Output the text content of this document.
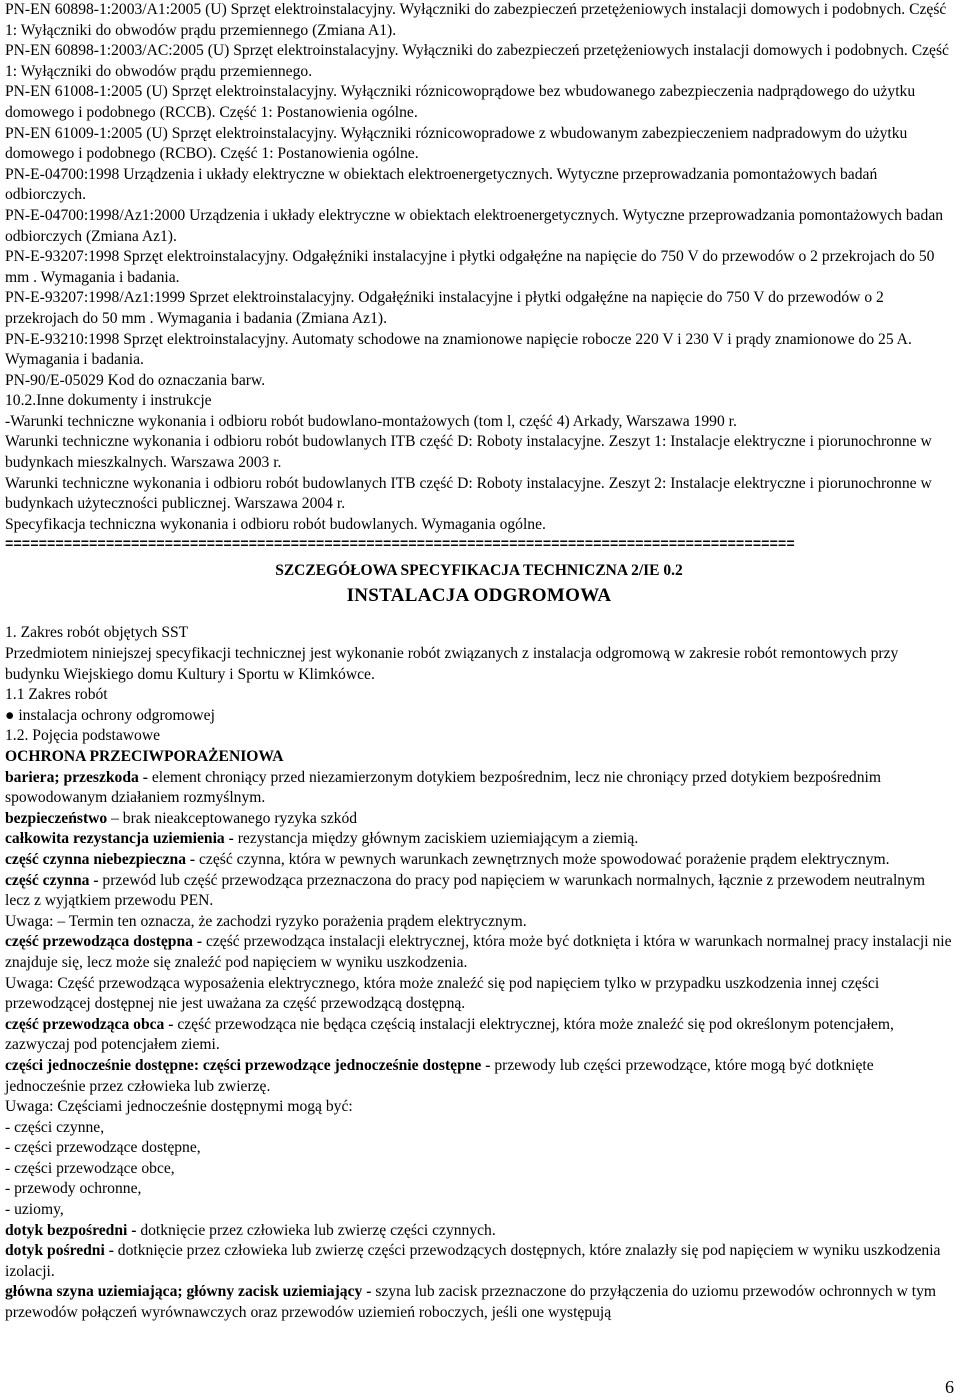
PN-EN 60898-1:2003/A1:2005 (U) Sprzęt elektroinstalacyjny. Wyłączniki do zabezpieczeń przetężeniowych instalacji domowych i podobnych. Część 1: Wyłączniki do obwodów prądu przemiennego (Zmiana A1).

PN-EN 60898-1:2003/AC:2005 (U) Sprzęt elektroinstalacyjny. Wyłączniki do zabezpieczeń przetężeniowych instalacji domowych i podobnych. Część 1: Wyłączniki do obwodów prądu przemiennego.

PN-EN 61008-1:2005 (U) Sprzęt elektroinstalacyjny. Wyłączniki róznicowoprądowe bez wbudowanego zabezpieczenia nadprądowego do użytku domowego i podobnego (RCCB). Część 1: Postanowienia ogólne.

PN-EN 61009-1:2005 (U) Sprzęt elektroinstalacyjny. Wyłączniki róznicowopradowe z wbudowanym zabezpieczeniem nadpradowym do użytku domowego i podobnego (RCBO). Część 1: Postanowienia ogólne.

PN-E-04700:1998 Urządzenia i układy elektryczne w obiektach elektroenergetycznych. Wytyczne przeprowadzania pomontażowych badań odbiorczych.

PN-E-04700:1998/Az1:2000 Urządzenia i układy elektryczne w obiektach elektroenergetycznych. Wytyczne przeprowadzania pomontażowych badan odbiorczych (Zmiana Az1).

PN-E-93207:1998 Sprzęt elektroinstalacyjny. Odgałęźniki instalacyjne i płytki odgałęźne na napięcie do 750 V do przewodów o 2 przekrojach do 50 mm . Wymagania i badania.

PN-E-93207:1998/Az1:1999 Sprzet elektroinstalacyjny. Odgałęźniki instalacyjne i płytki odgałęźne na napięcie do 750 V do przewodów o 2 przekrojach do 50 mm . Wymagania i badania (Zmiana Az1).

PN-E-93210:1998 Sprzęt elektroinstalacyjny. Automaty schodowe na znamionowe napięcie robocze 220 V i 230 V i prądy znamionowe do 25 A. Wymagania i badania.

PN-90/E-05029 Kod do oznaczania barw.

10.2.Inne dokumenty i instrukcje

-Warunki techniczne wykonania i odbioru robót budowlano-montażowych (tom l, część 4) Arkady, Warszawa 1990 r.

Warunki techniczne wykonania i odbioru robót budowlanych ITB część D: Roboty instalacyjne. Zeszyt 1: Instalacje elektryczne i piorunochronne w budynkach mieszkalnych. Warszawa 2003 r.

Warunki techniczne wykonania i odbioru robót budowlanych ITB część D: Roboty instalacyjne. Zeszyt 2: Instalacje elektryczne i piorunochronne w budynkach użyteczności publicznej. Warszawa 2004 r.

Specyfikacja techniczna wykonania i odbioru robót budowlanych. Wymagania ogólne.

==============================================================================================
SZCZEGÓŁOWA SPECYFIKACJA TECHNICZNA 2/IE 0.2
INSTALACJA ODGROMOWA

1. Zakres robót objętych SST

Przedmiotem niniejszej specyfikacji technicznej jest wykonanie robót związanych z instalacja odgromową w zakresie robót remontowych przy budynku Wiejskiego domu Kultury i Sportu w Klimkówce.

1.1 Zakres robót

● instalacja ochrony odgromowej

1.2. Pojęcia podstawowe

OCHRONA PRZECIWPORAŻENIOWA

bariera; przeszkoda - element chroniący przed niezamierzonym dotykiem bezpośrednim, lecz nie chroniący przed dotykiem bezpośrednim spowodowanym działaniem rozmyślnym.

bezpieczeństwo – brak nieakceptowanego ryzyka szkód

całkowita rezystancja uziemienia - rezystancja między głównym zaciskiem uziemiającym a ziemią.

część czynna niebezpieczna - część czynna, która w pewnych warunkach zewnętrznych może spowodować porażenie prądem elektrycznym.

część czynna - przewód lub część przewodząca przeznaczona do pracy pod napięciem w warunkach normalnych, łącznie z przewodem neutralnym lecz z wyjątkiem przewodu PEN.

Uwaga: – Termin ten oznacza, że zachodzi ryzyko porażenia prądem elektrycznym.

część przewodząca dostępna - część przewodząca instalacji elektrycznej, która może być dotknięta i która w warunkach normalnej pracy instalacji nie znajduje się, lecz może się znaleźć pod napięciem w wyniku uszkodzenia.

Uwaga: Część przewodząca wyposażenia elektrycznego, która może znaleźć się pod napięciem tylko w przypadku uszkodzenia innej części przewodzącej dostępnej nie jest uważana za część przewodzącą dostępną.

część przewodząca obca - część przewodząca nie będąca częścią instalacji elektrycznej, która może znaleźć się pod określonym potencjałem, zazwyczaj pod potencjałem ziemi.

części jednocześnie dostępne: części przewodzące jednocześnie dostępne - przewody lub części przewodzące, które mogą być dotknięte jednocześnie przez człowieka lub zwierzę.

Uwaga: Częściami jednocześnie dostępnymi mogą być:

- części czynne,

- części przewodzące dostępne,

- części przewodzące obce,

- przewody ochronne,

- uziomy,

dotyk bezpośredni - dotknięcie przez człowieka lub zwierzę części czynnych.

dotyk pośredni - dotknięcie przez człowieka lub zwierzę części przewodzących dostępnych, które znalazły się pod napięciem w wyniku uszkodzenia izolacji.

główna szyna uziemiająca; główny zacisk uziemiający - szyna lub zacisk przeznaczone do przyłączenia do uziomu przewodów ochronnych w tym przewodów połączeń wyrównawczych oraz przewodów uziemień roboczych, jeśli one występują

6
